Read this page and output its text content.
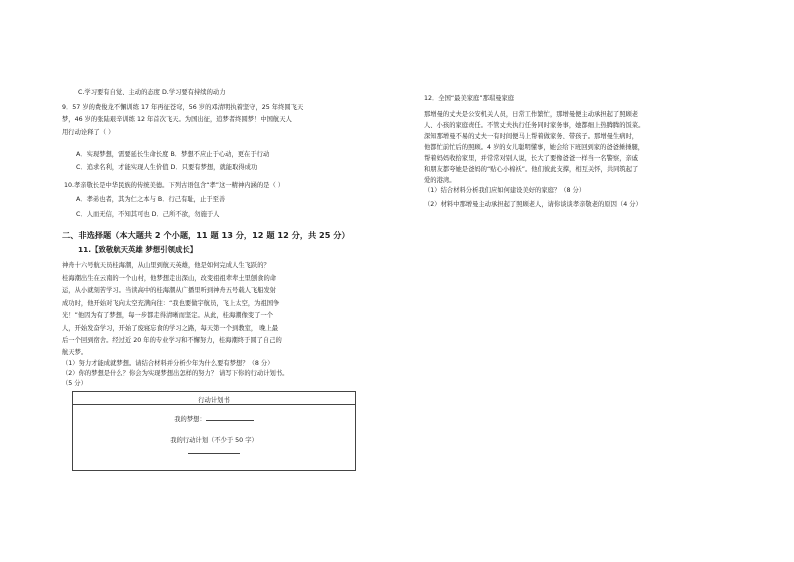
C.学习要有自觉、主动的态度 D.学习要有持续的动力
9．57 岁的费俊龙不懈训练 17 年再征苍穹，56 岁的邓清明执着坚守，25 年终圆飞天
梦，46 岁的张陆艰辛训练 12 年首次飞天。为国出征，追梦者终圆梦！中国航天人
用行动诠释了（ ）
A．实现梦想，需要延长生命长度 B．梦想不应止于心动，更在于行动
C．追求名利，才能实现人生价值 D．只要有梦想，就能取得成功
10.孝亲敬长是中华民族的传统美德。下列古语包含“孝”这一精神内涵的是（ ）
A．孝弟也者，其为仁之本与 B．行己有耻，止于至善
C．人而无信，不知其可也 D．己所不欲，勿施于人
二、非选择题（本大题共 2 个小题，11 题 13 分，12 题 12 分，共 25 分）
11.【致敬航天英雄 梦想引领成长】
神舟十六号航天员桂海潮，从山里到航天英雄，他是如何完成人生飞跃的？
桂海潮出生在云南的一个山村，他梦想走出深山，改变祖祖辈辈土里刨食的命
运，从小就刻苦学习。当读高中的桂海潮从广播里听到神舟五号载人飞船发射
成功时，他开始对飞向太空充满向往：“我也要做宇航员，飞上太空，为祖国争
光！”他因为有了梦想，每一步都走得清晰而坚定。从此，桂海潮像变了一个
人，开始发奋学习，开始了废寝忘食的学习之路，每天第一个到教室， 晚上最
后一个回到宿舍。经过近 20 年的专业学习和不懈努力，桂海潮终于圆了自己的
航天梦。
（1）努力才能成就梦想。请结合材料并分析少年为什么要有梦想？（8 分）
（2）你的梦想是什么？你会为实现梦想出怎样的努力？ 请写下你的行动计划书。
（5 分）
行动计划书
我的梦想：
我的行动计划（不少于 50 字）
12．全国“最美家庭”那瑁曼家庭
那增曼的丈夫是公安机关人员，日常工作繁忙，那增曼便主动承担起了照顾老
人、小孩的家庭责任。不管丈夫执行任务同时家务事，她都细上热腾腾的饭菜。
深知那增曼不易的丈夫一有时间便马上帮着做家务、带孩子。那增曼生病时，
他都忙前忙后的照顾。4 岁的女儿聪明懂事，她会给下班回到家的爸爸捶捶腿，
帮着妈妈收拾家里，并常常对别人说，长大了要像爸爸一样当一名警察，亲戚
和朋友都夸她是爸妈的“贴心小棉袄”。他们彼此支撑，相互关怀，共同筑起了
爱的港湾。
（1）结合材料分析我们应如何建设美好的家庭？（8 分）
（2）材料中那增曼主动承担起了照顾老人，请你谈谈孝亲敬老的原因（4 分）
